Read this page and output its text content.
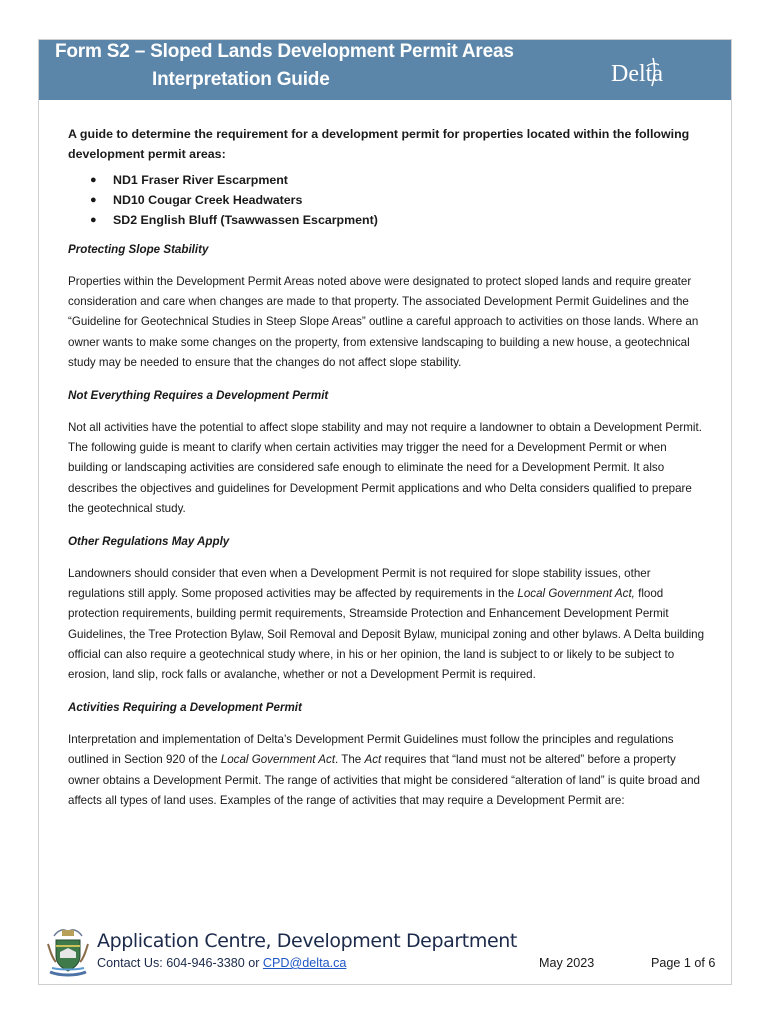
Form S2 – Sloped Lands Development Permit Areas
Interpretation Guide	Delta
A guide to determine the requirement for a development permit for properties located within the following development permit areas:
● ND1 Fraser River Escarpment
● ND10 Cougar Creek Headwaters
● SD2 English Bluff (Tsawwassen Escarpment)
Protecting Slope Stability

Properties within the Development Permit Areas noted above were designated to protect sloped lands and require greater consideration and care when changes are made to that property. The associated Development Permit Guidelines and the “Guideline for Geotechnical Studies in Steep Slope Areas” outline a careful approach to activities on those lands. Where an owner wants to make some changes on the property, from extensive landscaping to building a new house, a geotechnical study may be needed to ensure that the changes do not affect slope stability.

Not Everything Requires a Development Permit

Not all activities have the potential to affect slope stability and may not require a landowner to obtain a Development Permit. The following guide is meant to clarify when certain activities may trigger the need for a Development Permit or when building or landscaping activities are considered safe enough to eliminate the need for a Development Permit. It also describes the objectives and guidelines for Development Permit applications and who Delta considers qualified to prepare the geotechnical study.

Other Regulations May Apply

Landowners should consider that even when a Development Permit is not required for slope stability issues, other regulations still apply. Some proposed activities may be affected by requirements in the Local Government Act, flood protection requirements, building permit requirements, Streamside Protection and Enhancement Development Permit Guidelines, the Tree Protection Bylaw, Soil Removal and Deposit Bylaw, municipal zoning and other bylaws. A Delta building official can also require a geotechnical study where, in his or her opinion, the land is subject to or likely to be subject to erosion, land slip, rock falls or avalanche, whether or not a Development Permit is required.

Activities Requiring a Development Permit

Interpretation and implementation of Delta’s Development Permit Guidelines must follow the principles and regulations outlined in Section 920 of the Local Government Act. The Act requires that “land must not be altered” before a property owner obtains a Development Permit. The range of activities that might be considered “alteration of land” is quite broad and affects all types of land uses. Examples of the range of activities that may require a Development Permit are:

Application Centre, Development Department
Contact Us: 604-946-3380 or CPD@delta.ca	May 2023	Page 1 of 6
